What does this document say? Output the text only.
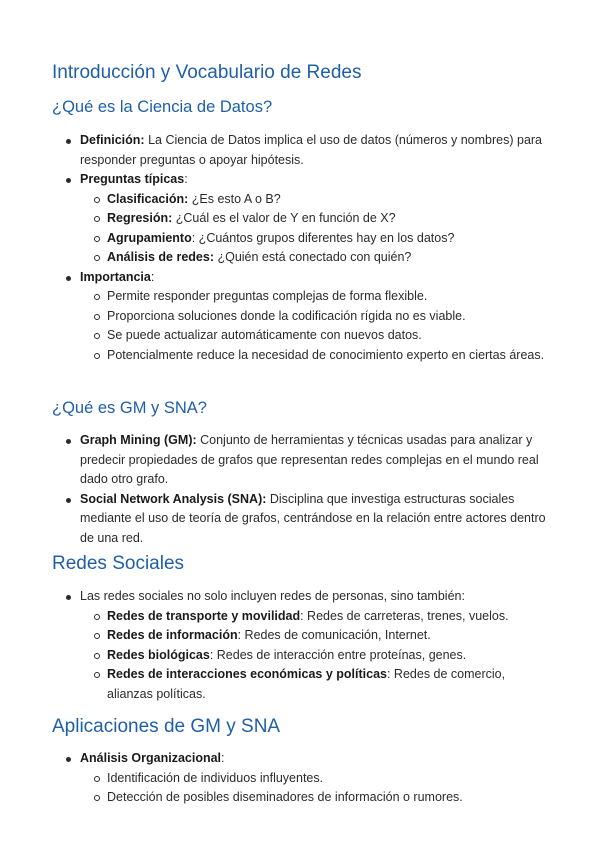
Introducción y Vocabulario de Redes
¿Qué es la Ciencia de Datos?
Definición: La Ciencia de Datos implica el uso de datos (números y nombres) para responder preguntas o apoyar hipótesis.
Preguntas típicas:
Clasificación: ¿Es esto A o B?
Regresión: ¿Cuál es el valor de Y en función de X?
Agrupamiento: ¿Cuántos grupos diferentes hay en los datos?
Análisis de redes: ¿Quién está conectado con quién?
Importancia:
Permite responder preguntas complejas de forma flexible.
Proporciona soluciones donde la codificación rígida no es viable.
Se puede actualizar automáticamente con nuevos datos.
Potencialmente reduce la necesidad de conocimiento experto en ciertas áreas.
¿Qué es GM y SNA?
Graph Mining (GM): Conjunto de herramientas y técnicas usadas para analizar y predecir propiedades de grafos que representan redes complejas en el mundo real dado otro grafo.
Social Network Analysis (SNA): Disciplina que investiga estructuras sociales mediante el uso de teoría de grafos, centrándose en la relación entre actores dentro de una red.
Redes Sociales
Las redes sociales no solo incluyen redes de personas, sino también:
Redes de transporte y movilidad: Redes de carreteras, trenes, vuelos.
Redes de información: Redes de comunicación, Internet.
Redes biológicas: Redes de interacción entre proteínas, genes.
Redes de interacciones económicas y políticas: Redes de comercio, alianzas políticas.
Aplicaciones de GM y SNA
Análisis Organizacional:
Identificación de individuos influyentes.
Detección de posibles diseminadores de información o rumores.
